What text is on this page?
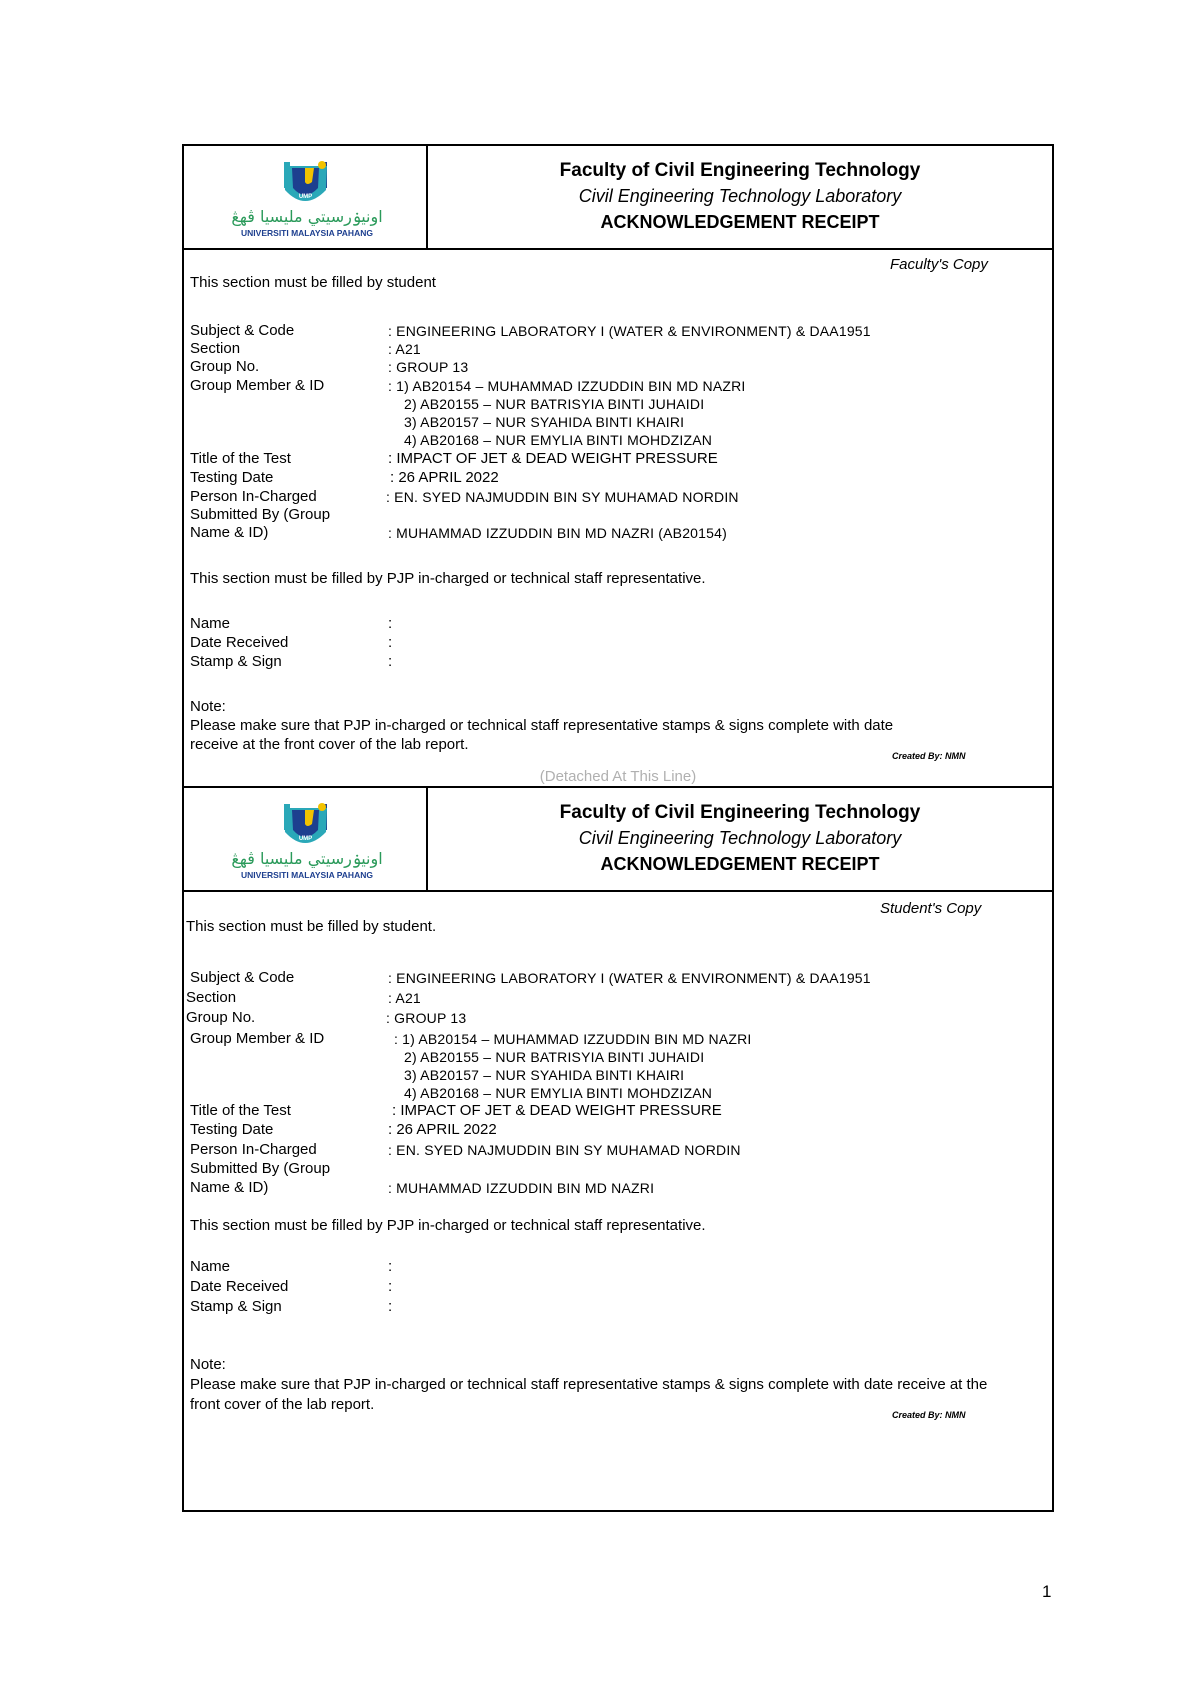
UMP
اونيۏرسيتي مليسيا ڤهڠ
UNIVERSITI MALAYSIA PAHANG
Faculty of Civil Engineering Technology
Civil Engineering Technology Laboratory
ACKNOWLEDGEMENT RECEIPT
Faculty's Copy
This section must be filled by student
Subject & Code	: ENGINEERING LABORATORY I (WATER & ENVIRONMENT) & DAA1951
Section	: A21
Group No.	: GROUP 13
Group Member & ID	: 1) AB20154 – MUHAMMAD IZZUDDIN BIN MD NAZRI
2) AB20155 – NUR BATRISYIA BINTI JUHAIDI
3) AB20157 – NUR SYAHIDA BINTI KHAIRI
4) AB20168 – NUR EMYLIA BINTI MOHDZIZAN
Title of the Test	: IMPACT OF JET & DEAD WEIGHT PRESSURE
Testing Date	: 26 APRIL 2022
Person In-Charged	: EN. SYED NAJMUDDIN BIN SY MUHAMAD NORDIN
Submitted By (Group
Name & ID)	: MUHAMMAD IZZUDDIN BIN MD NAZRI (AB20154)
This section must be filled by PJP in-charged or technical staff representative.
Name	:
Date Received	:
Stamp & Sign	:
Note:
Please make sure that PJP in-charged or technical staff representative stamps & signs complete with date
receive at the front cover of the lab report.
Created By: NMN
(Detached At This Line)
UMP
اونيۏرسيتي مليسيا ڤهڠ
UNIVERSITI MALAYSIA PAHANG
Faculty of Civil Engineering Technology
Civil Engineering Technology Laboratory
ACKNOWLEDGEMENT RECEIPT
Student's Copy
This section must be filled by student.
Subject & Code	: ENGINEERING LABORATORY I (WATER & ENVIRONMENT) & DAA1951
Section	: A21
Group No.	: GROUP 13
Group Member & ID	: 1) AB20154 – MUHAMMAD IZZUDDIN BIN MD NAZRI
2) AB20155 – NUR BATRISYIA BINTI JUHAIDI
3) AB20157 – NUR SYAHIDA BINTI KHAIRI
4) AB20168 – NUR EMYLIA BINTI MOHDZIZAN
Title of the Test	: IMPACT OF JET & DEAD WEIGHT PRESSURE
Testing Date	: 26 APRIL 2022
Person In-Charged	: EN. SYED NAJMUDDIN BIN SY MUHAMAD NORDIN
Submitted By (Group
Name & ID)	: MUHAMMAD IZZUDDIN BIN MD NAZRI
This section must be filled by PJP in-charged or technical staff representative.
Name	:
Date Received	:
Stamp & Sign	:
Note:
Please make sure that PJP in-charged or technical staff representative stamps & signs complete with date receive at the
front cover of the lab report.
Created By: NMN
1
